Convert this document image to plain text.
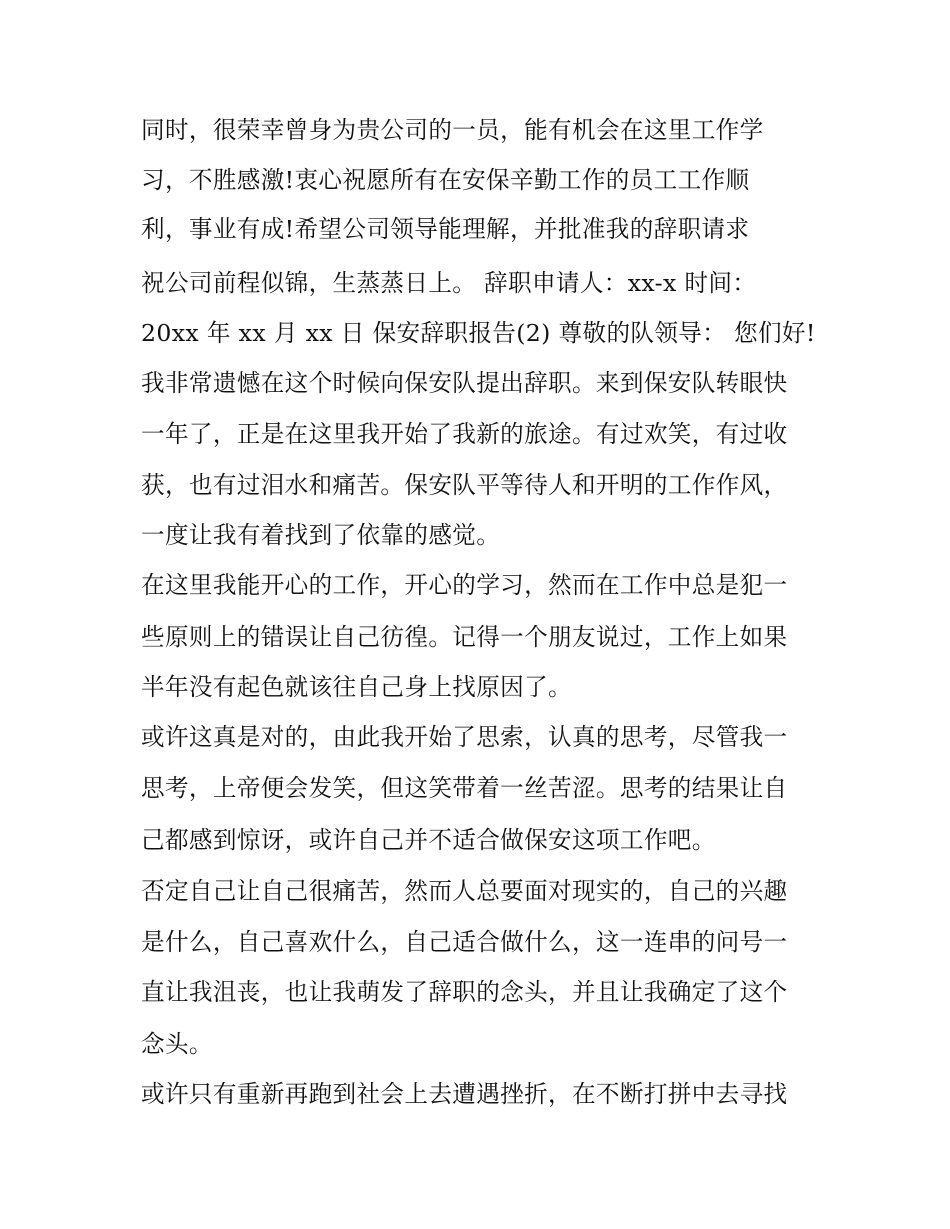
同时，很荣幸曾身为贵公司的一员，能有机会在这里工作学
习，不胜感激!衷心祝愿所有在安保辛勤工作的员工工作顺
利，事业有成!希望公司领导能理解，并批准我的辞职请求
祝公司前程似锦，生蒸蒸日上。 辞职申请人：xx-x 时间：
20xx 年 xx 月 xx 日 保安辞职报告(2) 尊敬的队领导： 您们好!
我非常遗憾在这个时候向保安队提出辞职。来到保安队转眼快
一年了，正是在这里我开始了我新的旅途。有过欢笑，有过收
获，也有过泪水和痛苦。保安队平等待人和开明的工作作风，
一度让我有着找到了依靠的感觉。
在这里我能开心的工作，开心的学习，然而在工作中总是犯一
些原则上的错误让自己彷徨。记得一个朋友说过，工作上如果
半年没有起色就该往自己身上找原因了。
或许这真是对的，由此我开始了思索，认真的思考，尽管我一
思考，上帝便会发笑，但这笑带着一丝苦涩。思考的结果让自
己都感到惊讶，或许自己并不适合做保安这项工作吧。
否定自己让自己很痛苦，然而人总要面对现实的，自己的兴趣
是什么，自己喜欢什么，自己适合做什么，这一连串的问号一
直让我沮丧，也让我萌发了辞职的念头，并且让我确定了这个
念头。
或许只有重新再跑到社会上去遭遇挫折，在不断打拼中去寻找
